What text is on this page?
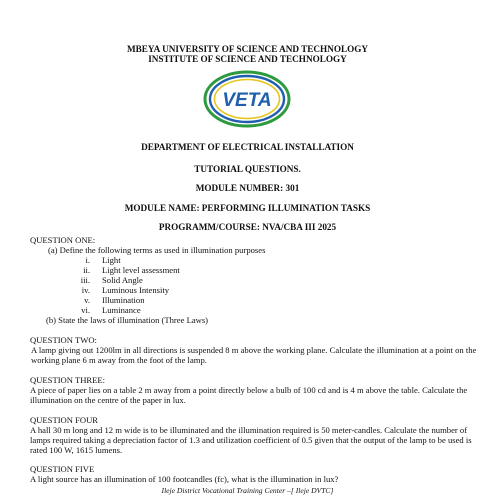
MBEYA UNIVERSITY OF SCIENCE AND TECHNOLOGY
INSTITUTE OF SCIENCE AND TECHNOLOGY
VETA
DEPARTMENT OF ELECTRICAL INSTALLATION
TUTORIAL QUESTIONS.
MODULE NUMBER: 301
MODULE NAME: PERFORMING ILLUMINATION TASKS
PROGRAMM/COURSE: NVA/CBA III 2025
QUESTION ONE:
(a) Define the following terms as used in illumination purposes
i. Light
ii. Light level assessment
iii. Solid Angle
iv. Luminous Intensity
v. Illumination
vi. Luminance
(b) State the laws of illumination (Three Laws)
QUESTION TWO:
A lamp giving out 1200lm in all directions is suspended 8 m above the working plane. Calculate the illumination at a point on the working plane 6 m away from the foot of the lamp.
QUESTION THREE:
A piece of paper lies on a table 2 m away from a point directly below a bulb of 100 cd and is 4 m above the table. Calculate the illumination on the centre of the paper in lux.
QUESTION FOUR
A hall 30 m long and 12 m wide is to be illuminated and the illumination required is 50 meter-candles. Calculate the number of lamps required taking a depreciation factor of 1.3 and utilization coefficient of 0.5 given that the output of the lamp to be used is rated 100 W, 1615 lumens.
QUESTION FIVE
A light source has an illumination of 100 footcandles (fc), what is the illumination in lux?
Ileje District Vocational Training Center –[ Ileje DVTC]
